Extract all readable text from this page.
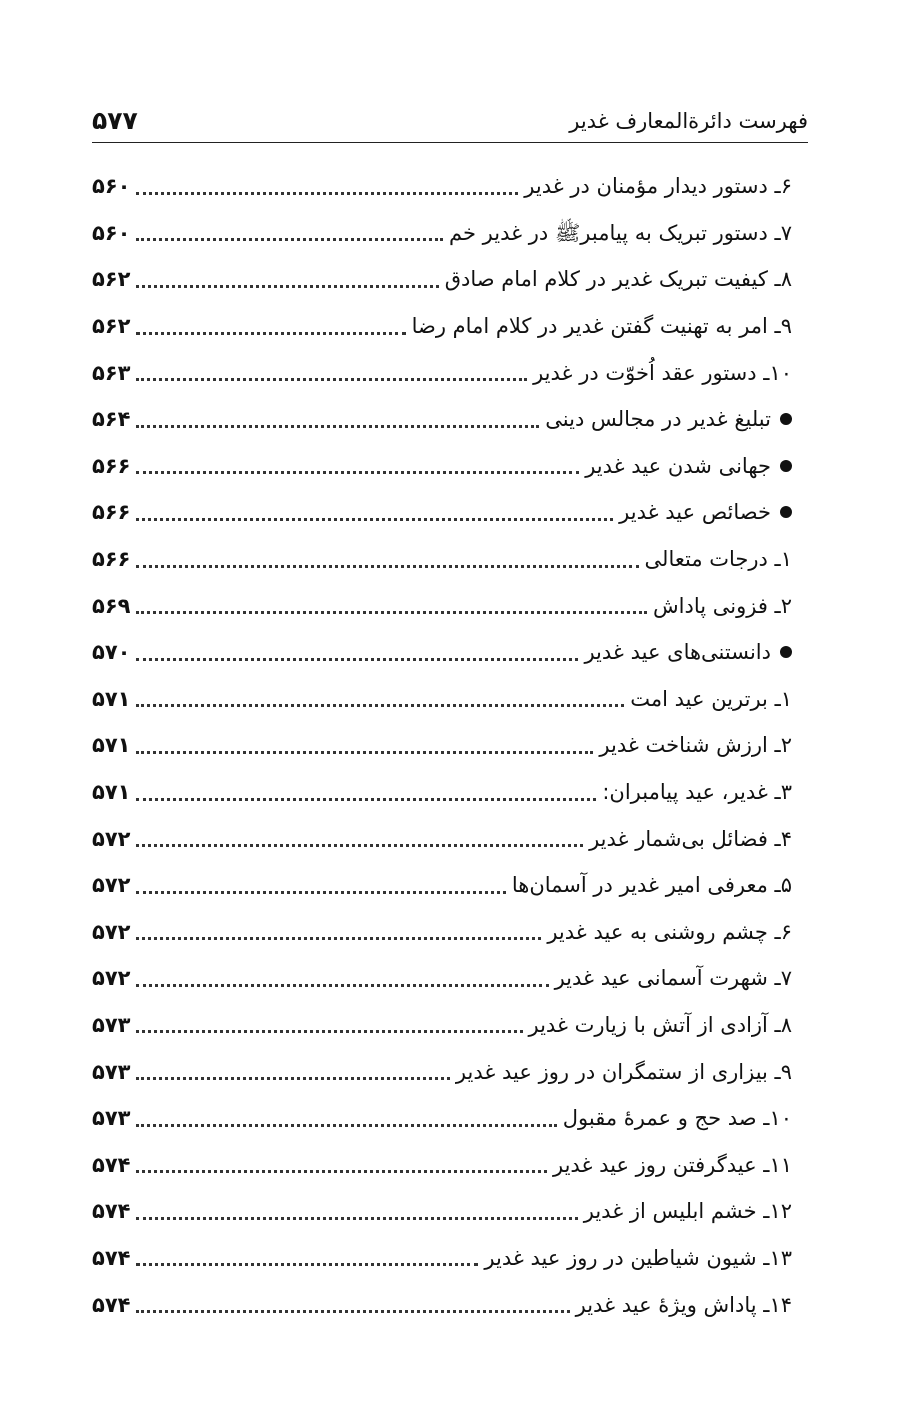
فهرست دائرةالمعارف غدیر
۵۷۷
۶ـ دستور دیدار مؤمنان در غدیر
۵۶۰
۷ـ دستور تبریک به پیامبرﷺ در غدیر خم
۵۶۰
۸ـ کیفیت تبریک غدیر در کلام امام صادق
۵۶۲
۹ـ امر به تهنیت گفتن غدیر در کلام امام رضا
۵۶۲
۱۰ـ دستور عقد اُخوّت در غدیر
۵۶۳
تبلیغ غدیر در مجالس دینی
۵۶۴
جهانی شدن عید غدیر
۵۶۶
خصائص عید غدیر
۵۶۶
۱ـ درجات متعالی
۵۶۶
۲ـ فزونی پاداش
۵۶۹
دانستنی‌های عید غدیر
۵۷۰
۱ـ برترین عید امت
۵۷۱
۲ـ ارزش شناخت غدیر
۵۷۱
۳ـ غدیر، عید پیامبران:
۵۷۱
۴ـ فضائل بی‌شمار غدیر
۵۷۲
۵ـ معرفی امیر غدیر در آسمان‌ها
۵۷۲
۶ـ چشم روشنی به عید غدیر
۵۷۲
۷ـ شهرت آسمانی عید غدیر
۵۷۲
۸ـ آزادی از آتش با زیارت غدیر
۵۷۳
۹ـ بیزاری از ستمگران در روز عید غدیر
۵۷۳
۱۰ـ صد حج و عمرهٔ مقبول
۵۷۳
۱۱ـ عیدگرفتن روز عید غدیر
۵۷۴
۱۲ـ خشم ابلیس از غدیر
۵۷۴
۱۳ـ شیون شیاطین در روز عید غدیر
۵۷۴
۱۴ـ پاداش ویژهٔ عید غدیر
۵۷۴
